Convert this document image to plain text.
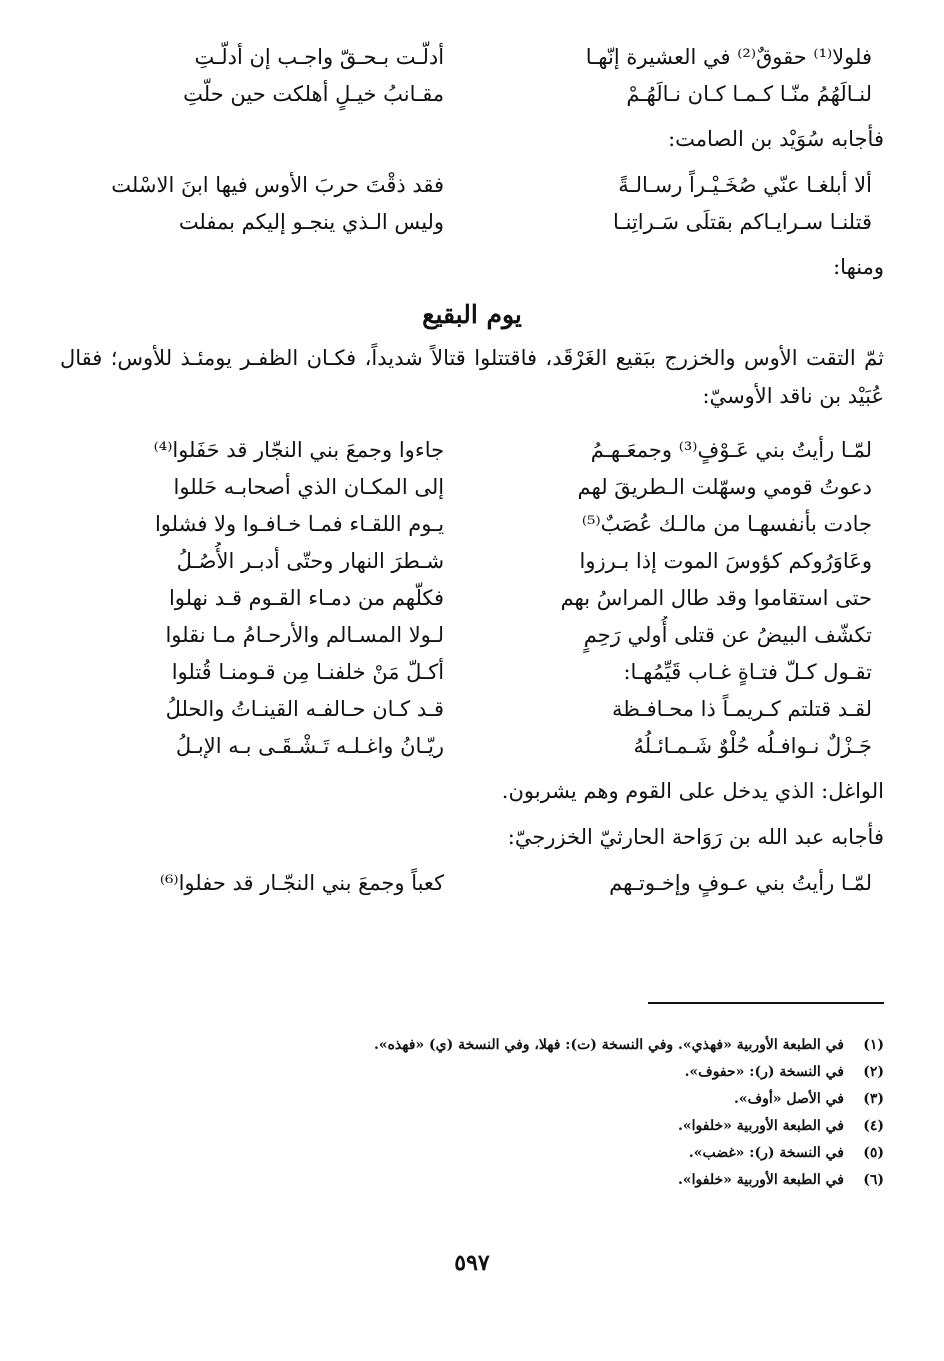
فلولا⁽¹⁾ حقوقٌ⁽²⁾ في العشيرة إنّهـا	أدلّـت بـحـقّ واجـب إن أدلّـتِ
لنـالَهُمُ منّـا كـمـا كـان نـالَهُـمْ	مقـانبُ خيـلٍ أهلكت حين حلّتِ

فأجابه سُوَيْد بن الصامت:

ألا أبلغـا عنّي صُخَـيْـراً رسـالـةً	فقد ذقْتَ حربَ الأوس فيها ابنَ الاسْلت
قتلنـا سـرايـاكم بقتلَى سَـراتِنـا	وليس الـذي ينجـو إليكم بمفلت

ومنها:

يوم البقيع

ثمّ التقت الأوس والخزرج ببَقيع الغَرْقَد، فاقتتلوا قتالاً شديداً، فكـان الظفـر يومئـذ للأوس؛ فقال عُبَيْد بن ناقد الأوسيّ:

لمّـا رأيتُ بني عَـوْفٍ⁽³⁾ وجمعَـهـمُ	جاءوا وجمعَ بني النجّار قد حَفَلوا⁽⁴⁾
دعوتُ قومي وسهّلت الـطريقَ لهم	إلى المكـان الذي أصحابـه حَللوا
جادت بأنفسهـا من مالـك عُصَبٌ⁽⁵⁾	يـوم اللقـاء فمـا خـافـوا ولا فشلوا
وعَاوَرُوكم كؤوسَ الموت إذا بـرزوا	شـطرَ النهار وحتّى أدبـر الأُصُـلُ
حتى استقاموا وقد طال المراسُ بهم	فكلّهم من دمـاء القـوم قـد نهلوا
تكشّف البيضُ عن قتلى أُولي رَحِمٍ	لـولا المسـالم والأرحـامُ مـا نقلوا
تقـول كـلّ فتـاةٍ غـاب قَيِّمُهـا:	أكـلّ مَنْ خلفنـا مِن قـومنـا قُتلوا
لقـد قتلتم كـريمـاً ذا محـافـظة	قـد كـان حـالفـه القينـاتُ والحللُ
جَـزْلٌ نـوافـلُه حُلْوٌ شَـمـائـلُهُ	ريّـانُ واغـلـه تَـشْـقَـى بـه الإبـلُ

الواغل: الذي يدخل على القوم وهم يشربون.

فأجابه عبد الله بن رَوَاحة الحارثيّ الخزرجيّ:

لمّـا رأيتُ بني عـوفٍ وإخـوتـهم	كعباً وجمعَ بني النجّـار قد حفلوا⁽⁶⁾
(١)في الطبعة الأوربية «فهذي». وفي النسخة (ت): فهلا، وفي النسخة (ي) «فهذه».
(٢)في النسخة (ر): «حفوف».
(٣)في الأصل «أوف».
(٤)في الطبعة الأوربية «خلفوا».
(٥)في النسخة (ر): «غضب».
(٦)في الطبعة الأوربية «خلفوا».
٥٩٧
